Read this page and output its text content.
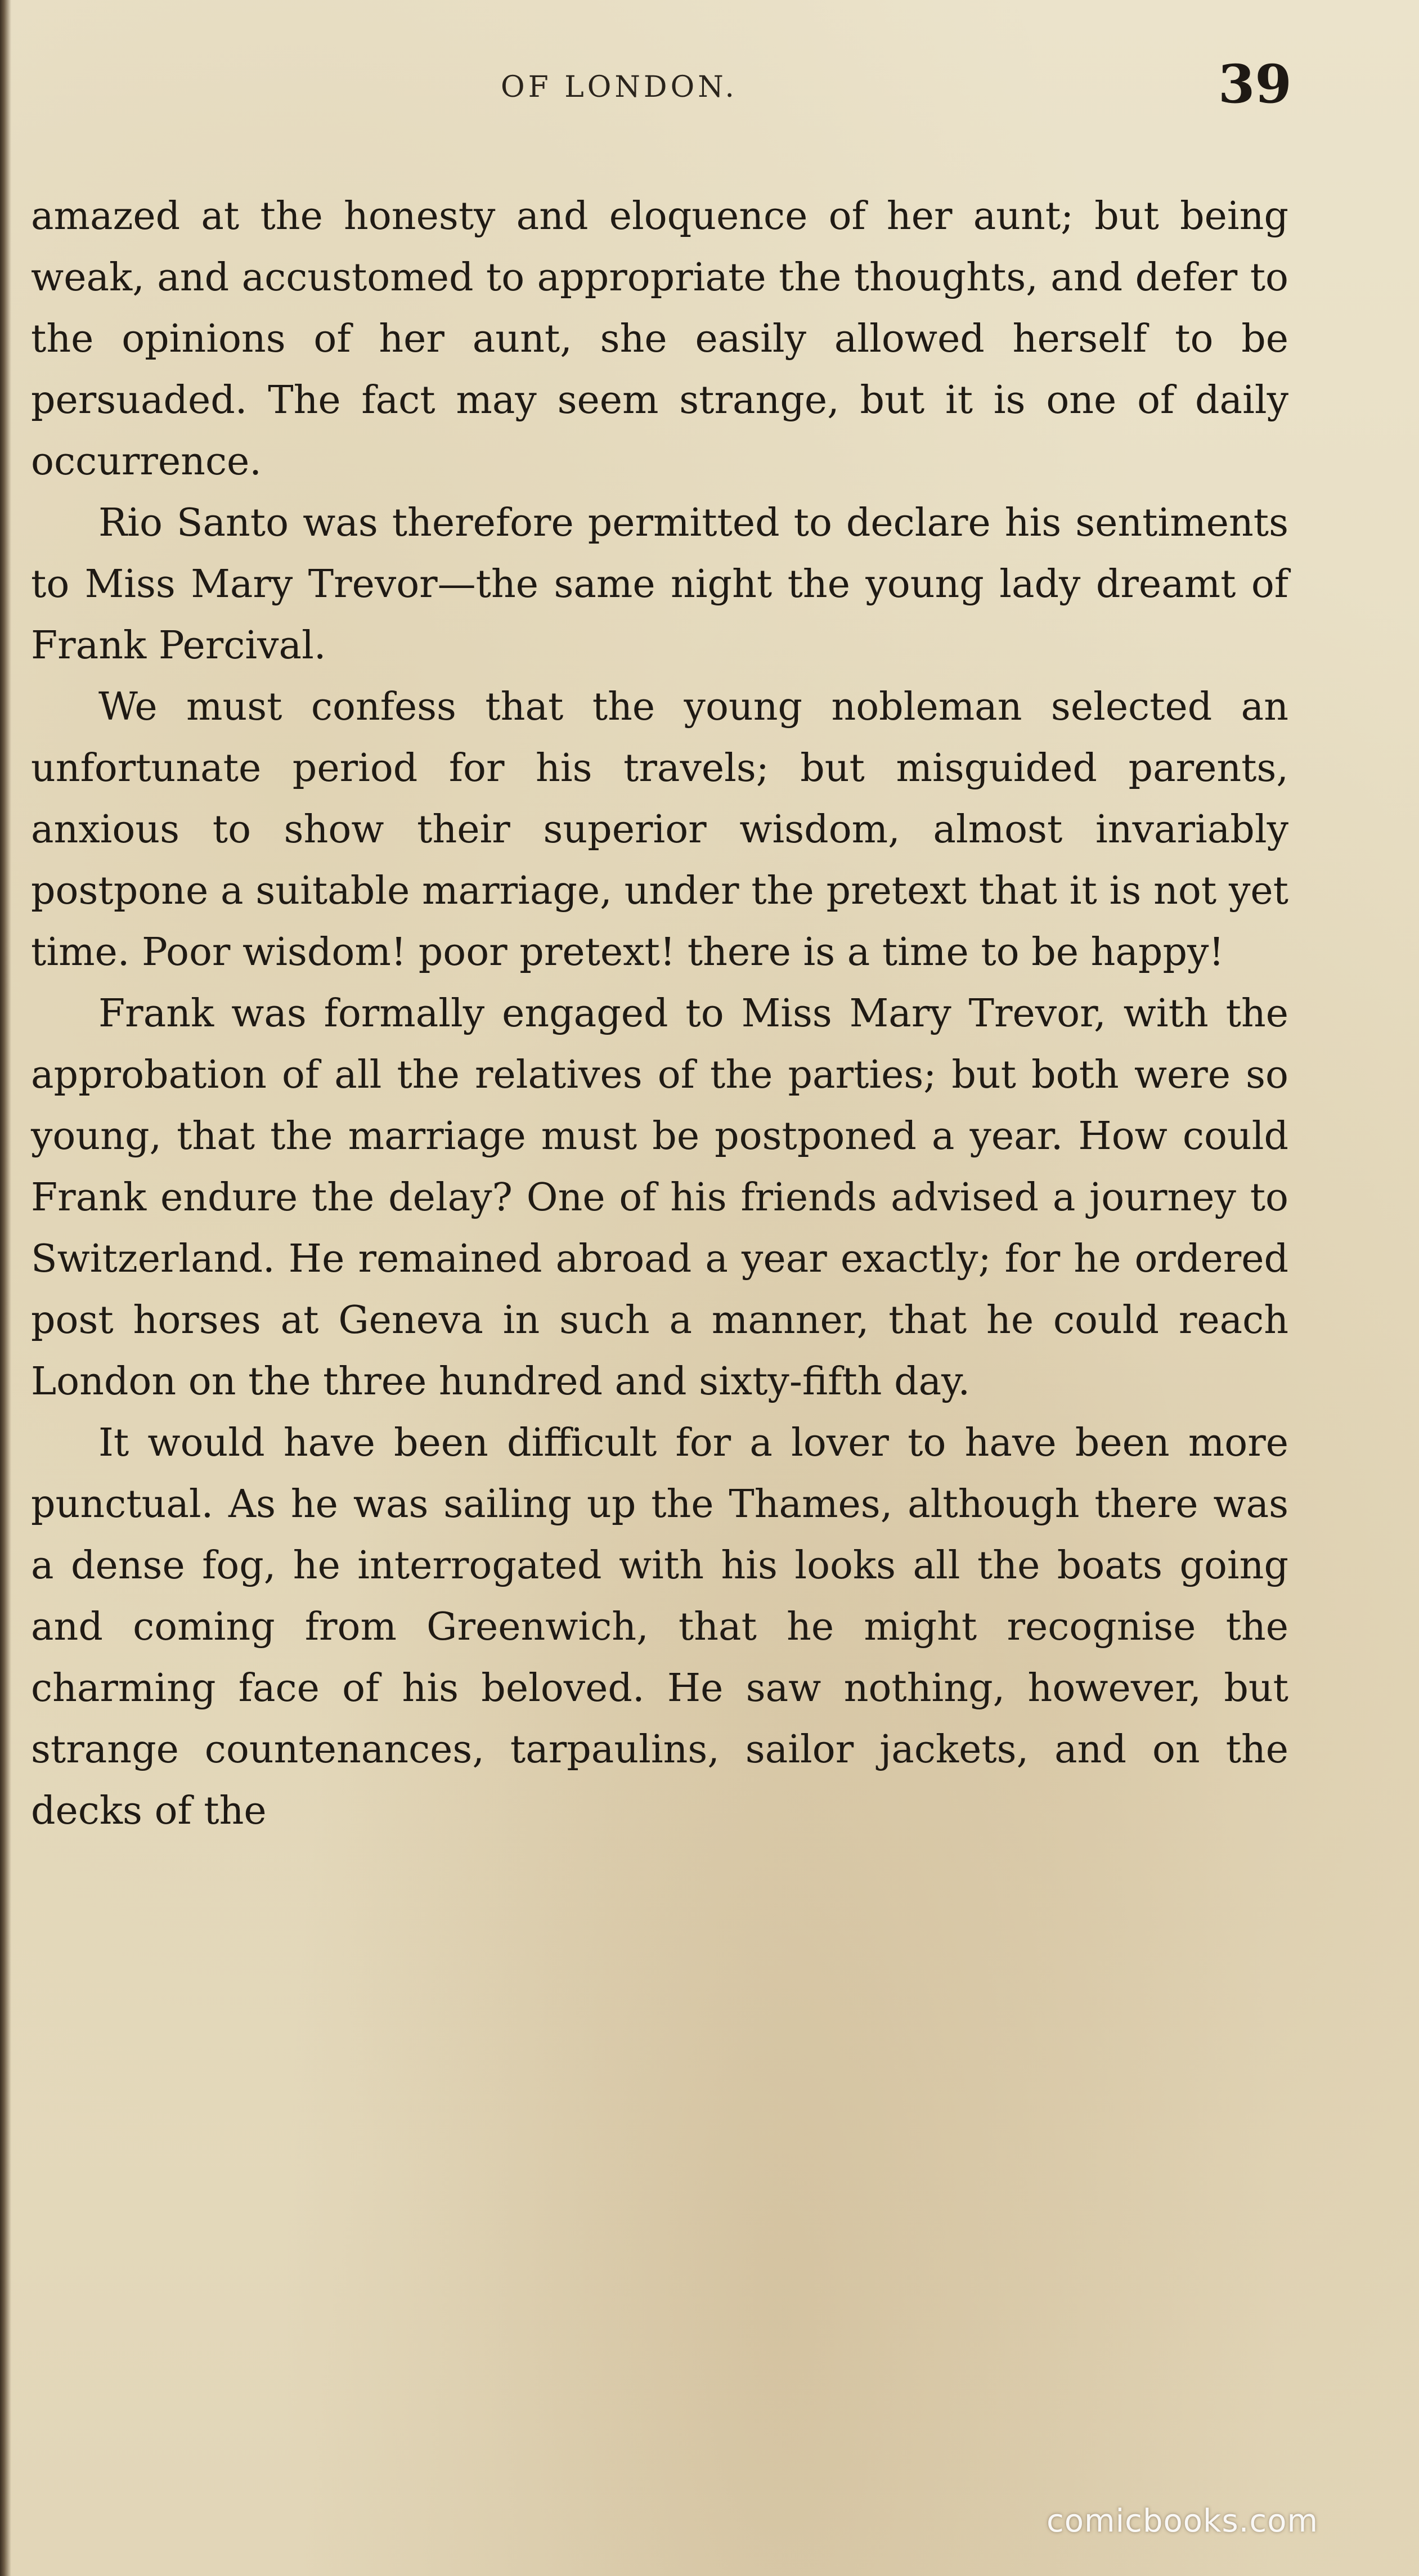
OF LONDON.	39

amazed at the honesty and eloquence of her aunt; but being weak, and accustomed to appropriate the thoughts, and defer to the opinions of her aunt, she easily allowed herself to be persuaded. The fact may seem strange, but it is one of daily occurrence.

Rio Santo was therefore permitted to declare his sentiments to Miss Mary Trevor—the same night the young lady dreamt of Frank Percival.

We must confess that the young nobleman selected an unfortunate period for his travels; but misguided parents, anxious to show their superior wisdom, almost invariably postpone a suitable marriage, under the pretext that it is not yet time. Poor wisdom! poor pretext! there is a time to be happy!

Frank was formally engaged to Miss Mary Trevor, with the approbation of all the relatives of the parties; but both were so young, that the marriage must be postponed a year. How could Frank endure the delay? One of his friends advised a journey to Switzerland. He remained abroad a year exactly; for he ordered post horses at Geneva in such a manner, that he could reach London on the three hundred and sixty-fifth day.

It would have been difficult for a lover to have been more punctual. As he was sailing up the Thames, although there was a dense fog, he interrogated with his looks all the boats going and coming from Greenwich, that he might recognise the charming face of his beloved. He saw nothing, however, but strange countenances, tarpaulins, sailor jackets, and on the decks of the

comicbooks.com
